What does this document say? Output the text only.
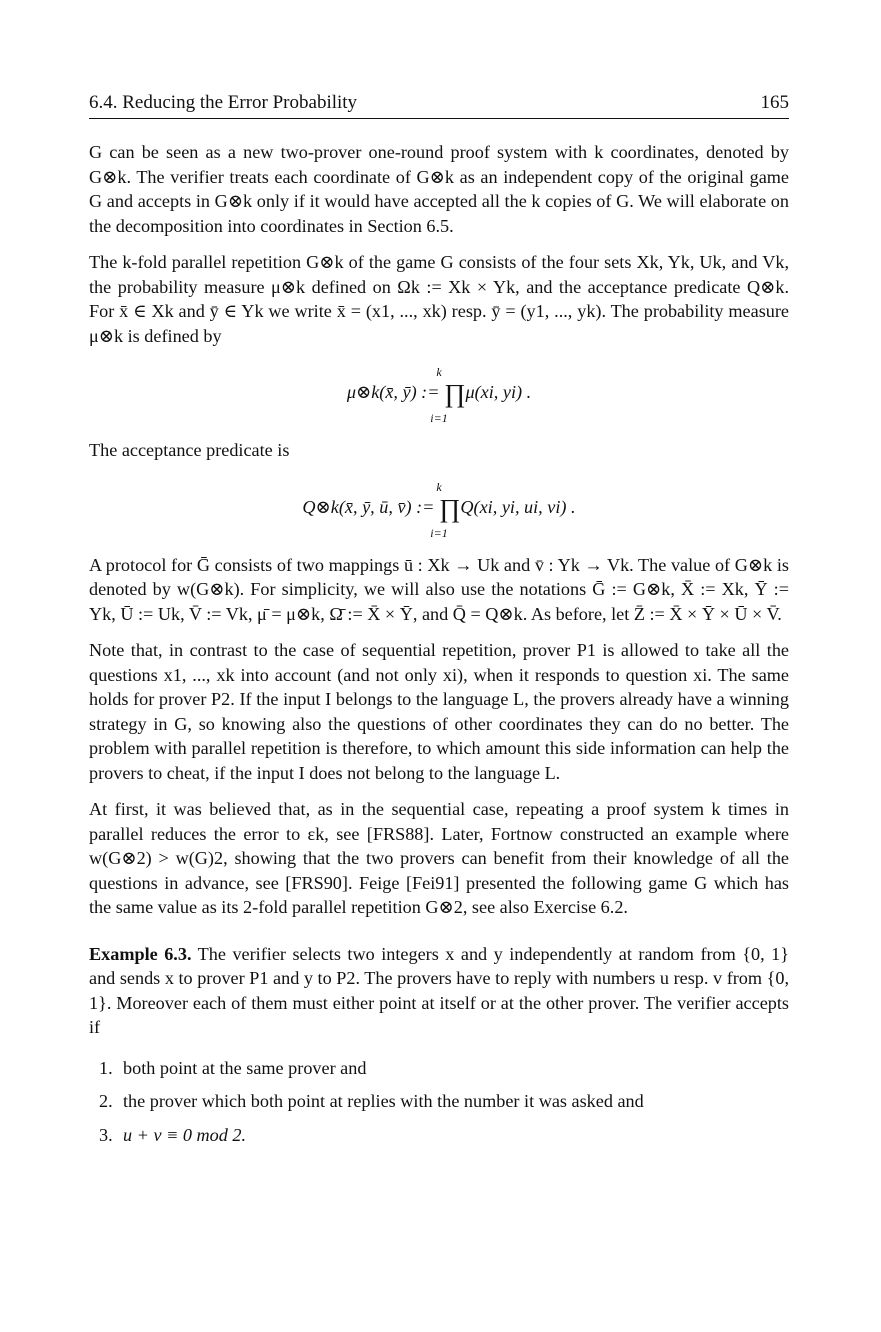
6.4. Reducing the Error Probability	165

G can be seen as a new two-prover one-round proof system with k coordinates, denoted by G⊗k. The verifier treats each coordinate of G⊗k as an independent copy of the original game G and accepts in G⊗k only if it would have accepted all the k copies of G. We will elaborate on the decomposition into coordinates in Section 6.5.

The k-fold parallel repetition G⊗k of the game G consists of the four sets Xk, Yk, Uk, and Vk, the probability measure μ⊗k defined on Ωk := Xk × Yk, and the acceptance predicate Q⊗k. For x̄ ∈ Xk and ȳ ∈ Yk we write x̄ = (x1, ..., xk) resp. ȳ = (y1, ..., yk). The probability measure μ⊗k is defined by

k
μ⊗k(x̄, ȳ) := ∏μ(xi, yi) .
i=1

The acceptance predicate is

k
Q⊗k(x̄, ȳ, ū, v̄) := ∏Q(xi, yi, ui, vi) .
i=1

A protocol for Ḡ consists of two mappings ū : Xk → Uk and v̄ : Yk → Vk. The value of G⊗k is denoted by w(G⊗k). For simplicity, we will also use the notations Ḡ := G⊗k, X̄ := Xk, Ȳ := Yk, Ū := Uk, V̄ := Vk, μ̄ = μ⊗k, Ω̄ := X̄ × Ȳ, and Q̄ = Q⊗k. As before, let Z̄ := X̄ × Ȳ × Ū × V̄.

Note that, in contrast to the case of sequential repetition, prover P1 is allowed to take all the questions x1, ..., xk into account (and not only xi), when it responds to question xi. The same holds for prover P2. If the input I belongs to the language L, the provers already have a winning strategy in G, so knowing also the questions of other coordinates they can do no better. The problem with parallel repetition is therefore, to which amount this side information can help the provers to cheat, if the input I does not belong to the language L.

At first, it was believed that, as in the sequential case, repeating a proof system k times in parallel reduces the error to εk, see [FRS88]. Later, Fortnow constructed an example where w(G⊗2) > w(G)2, showing that the two provers can benefit from their knowledge of all the questions in advance, see [FRS90]. Feige [Fei91] presented the following game G which has the same value as its 2-fold parallel repetition G⊗2, see also Exercise 6.2.

Example 6.3. The verifier selects two integers x and y independently at random from {0, 1} and sends x to prover P1 and y to P2. The provers have to reply with numbers u resp. v from {0, 1}. Moreover each of them must either point at itself or at the other prover. The verifier accepts if

1. both point at the same prover and
2. the prover which both point at replies with the number it was asked and
3. u + v ≡ 0 mod 2.
